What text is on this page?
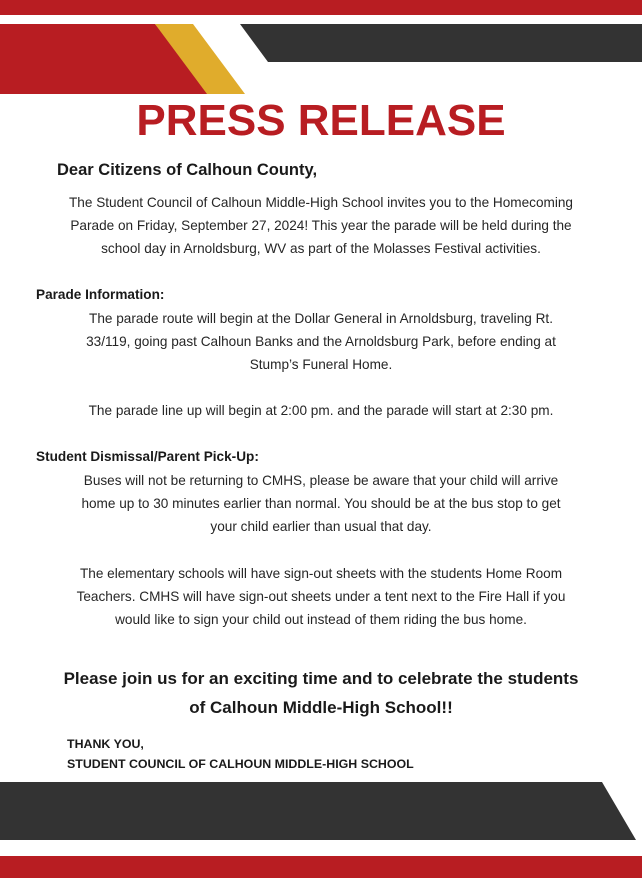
PRESS RELEASE

Dear Citizens of Calhoun County,

The Student Council of Calhoun Middle-High School invites you to the Homecoming
Parade on Friday, September 27, 2024! This year the parade will be held during the
school day in Arnoldsburg, WV as part of the Molasses Festival activities.

Parade Information:

The parade route will begin at the Dollar General in Arnoldsburg, traveling Rt.
33/119, going past Calhoun Banks and the Arnoldsburg Park, before ending at
Stump’s Funeral Home.
The parade line up will begin at 2:00 pm. and the parade will start at 2:30 pm.

Student Dismissal/Parent Pick-Up:

Buses will not be returning to CMHS, please be aware that your child will arrive
home up to 30 minutes earlier than normal. You should be at the bus stop to get
your child earlier than usual that day.
The elementary schools will have sign-out sheets with the students Home Room
Teachers. CMHS will have sign-out sheets under a tent next to the Fire Hall if you
would like to sign your child out instead of them riding the bus home.
Please join us for an exciting time and to celebrate the students
of Calhoun Middle-High School!!

THANK YOU,

STUDENT COUNCIL OF CALHOUN MIDDLE-HIGH SCHOOL
